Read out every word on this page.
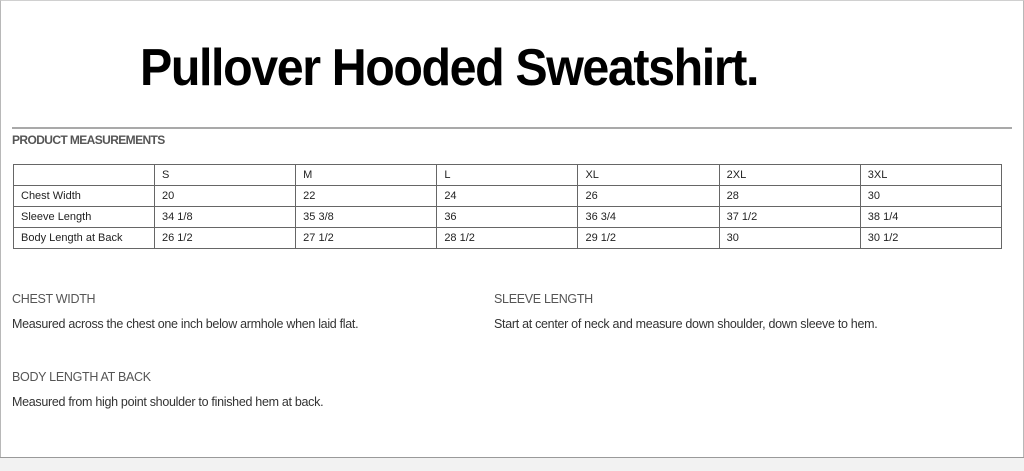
Pullover Hooded Sweatshirt.
PRODUCT MEASUREMENTS
	S	M	L	XL	2XL	3XL
Chest Width	20	22	24	26	28	30
Sleeve Length	34 1/8	35 3/8	36	36 3/4	37 1/2	38 1/4
Body Length at Back	26 1/2	27 1/2	28 1/2	29 1/2	30	30 1/2
CHEST WIDTH
Measured across the chest one inch below armhole when laid flat.
SLEEVE LENGTH
Start at center of neck and measure down shoulder, down sleeve to hem.
BODY LENGTH AT BACK
Measured from high point shoulder to finished hem at back.
